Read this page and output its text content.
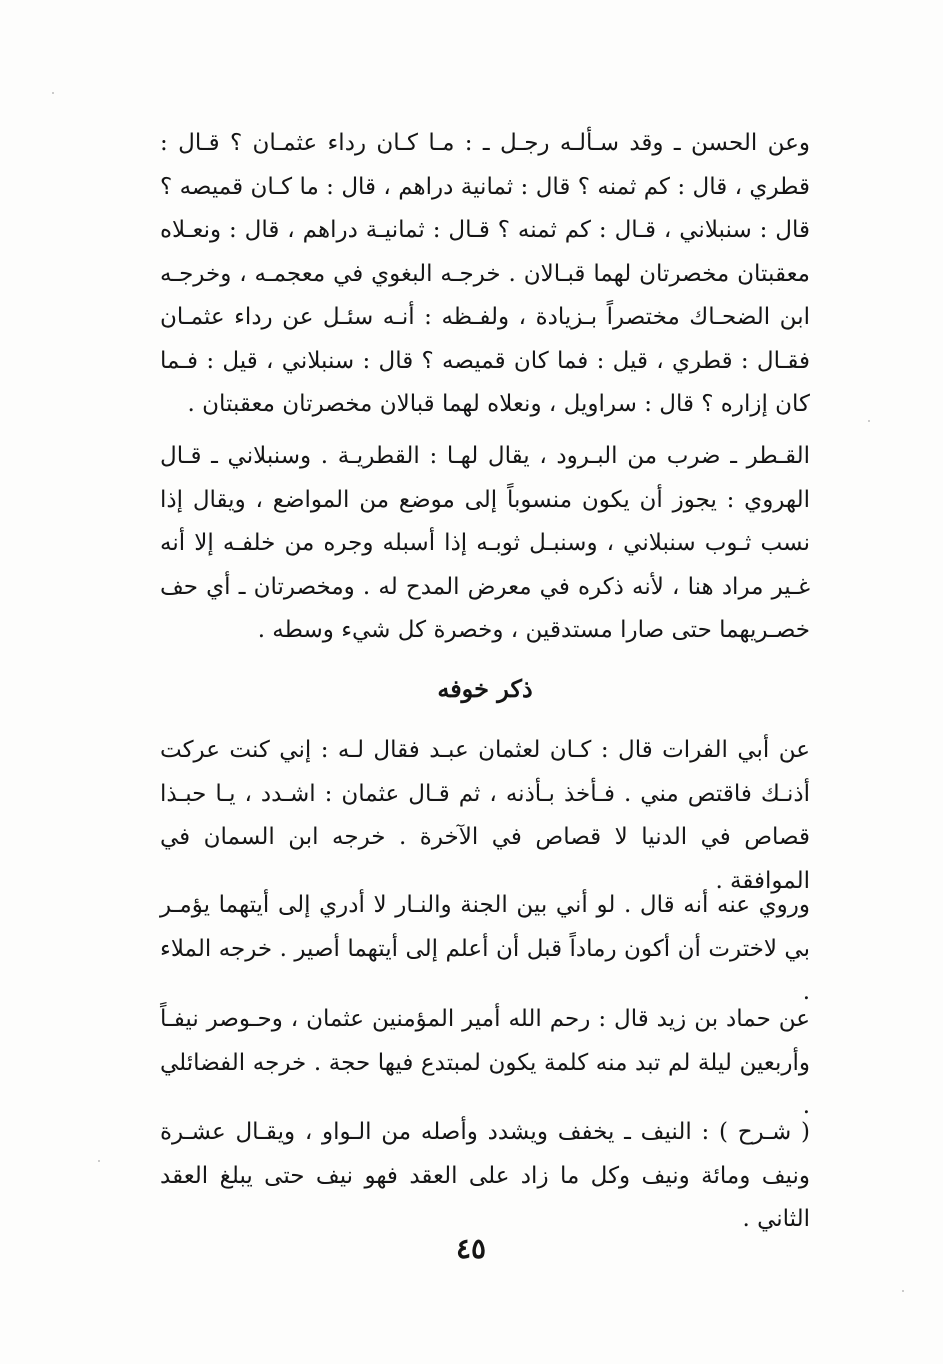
وعن الحسن ـ وقد سـألـه رجـل ـ : مـا كـان رداء عثمـان ؟ قـال : قطري ، قال : كم ثمنه ؟ قال : ثمانية دراهم ، قال : ما كـان قميصه ؟ قال : سنبلاني ، قـال : كم ثمنه ؟ قـال : ثمانيـة دراهم ، قال : ونعـلاه معقبتان مخصرتان لهما قبـالان . خرجـه البغوي في معجمـه ، وخرجـه ابن الضحـاك مختصراً بـزيادة ، ولفـظه : أنـه سئـل عن رداء عثمـان فقـال : قطري ، قيل : فما كان قميصه ؟ قال : سنبلاني ، قيل : فـما كان إزاره ؟ قال : سراويل ، ونعلاه لهما قبالان مخصرتان معقبتان .

القـطر ـ ضرب من البـرود ، يقال لهـا : القطريـة . وسنبلاني ـ قـال الهروي : يجوز أن يكون منسوباً إلى موضع من المواضع ، ويقال إذا نسب ثـوب سنبلاني ، وسنبـل ثوبـه إذا أسبله وجره من خلفـه إلا أنه غـير مراد هنا ، لأنه ذكره في معرض المدح له . ومخصرتان ـ أي حف خصـريهما حتى صارا مستدقين ، وخصرة كل شيء وسطه .

ذكر خوفه

عن أبي الفرات قال : كـان لعثمان عبـد فقال لـه : إني كنت عركت أذنـك فاقتص مني . فـأخذ بـأذنه ، ثم قـال عثمان : اشـدد ، يـا حبـذا قصاص في الدنيا لا قصاص في الآخرة . خرجه ابن السمان في الموافقة .

وروي عنه أنه قال . لو أني بين الجنة والنـار لا أدري إلى أيتهما يؤمـر بي لاخترت أن أكون رماداً قبل أن أعلم إلى أيتهما أصير . خرجه الملاء .

عن حماد بن زيد قال : رحم الله أمير المؤمنين عثمان ، وحـوصر نيفـاً وأربعين ليلة لم تبد منه كلمة يكون لمبتدع فيها حجة . خرجه الفضائلي .

( شـرح ) : النيف ـ يخفف ويشدد وأصله من الـواو ، ويقـال عشـرة ونيف ومائة ونيف وكل ما زاد على العقد فهو نيف حتى يبلغ العقد الثاني .

٤٥
